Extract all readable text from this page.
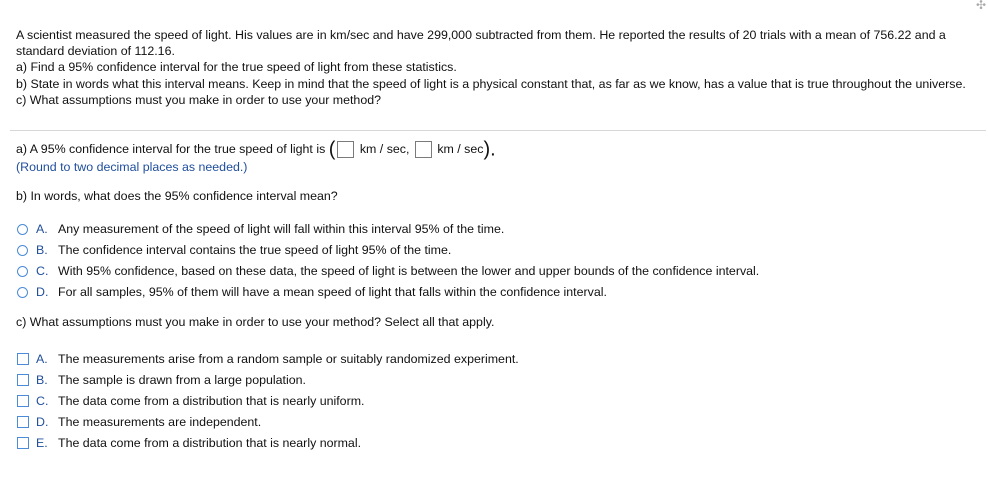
✣

A scientist measured the speed of light. His values are in km/sec and have 299,000 subtracted from them. He reported the results of 20 trials with a mean of 756.22 and a standard deviation of 112.16.

a) Find a 95% confidence interval for the true speed of light from these statistics.

b) State in words what this interval means. Keep in mind that the speed of light is a physical constant that, as far as we know, has a value that is true throughout the universe.

c) What assumptions must you make in order to use your method?

a) A 95% confidence interval for the true speed of light is ( km / sec, km / sec).
(Round to two decimal places as needed.)
b) In words, what does the 95% confidence interval mean?
A. Any measurement of the speed of light will fall within this interval 95% of the time.
B. The confidence interval contains the true speed of light 95% of the time.
C. With 95% confidence, based on these data, the speed of light is between the lower and upper bounds of the confidence interval.
D. For all samples, 95% of them will have a mean speed of light that falls within the confidence interval.
c) What assumptions must you make in order to use your method? Select all that apply.
A. The measurements arise from a random sample or suitably randomized experiment.
B. The sample is drawn from a large population.
C. The data come from a distribution that is nearly uniform.
D. The measurements are independent.
E. The data come from a distribution that is nearly normal.
